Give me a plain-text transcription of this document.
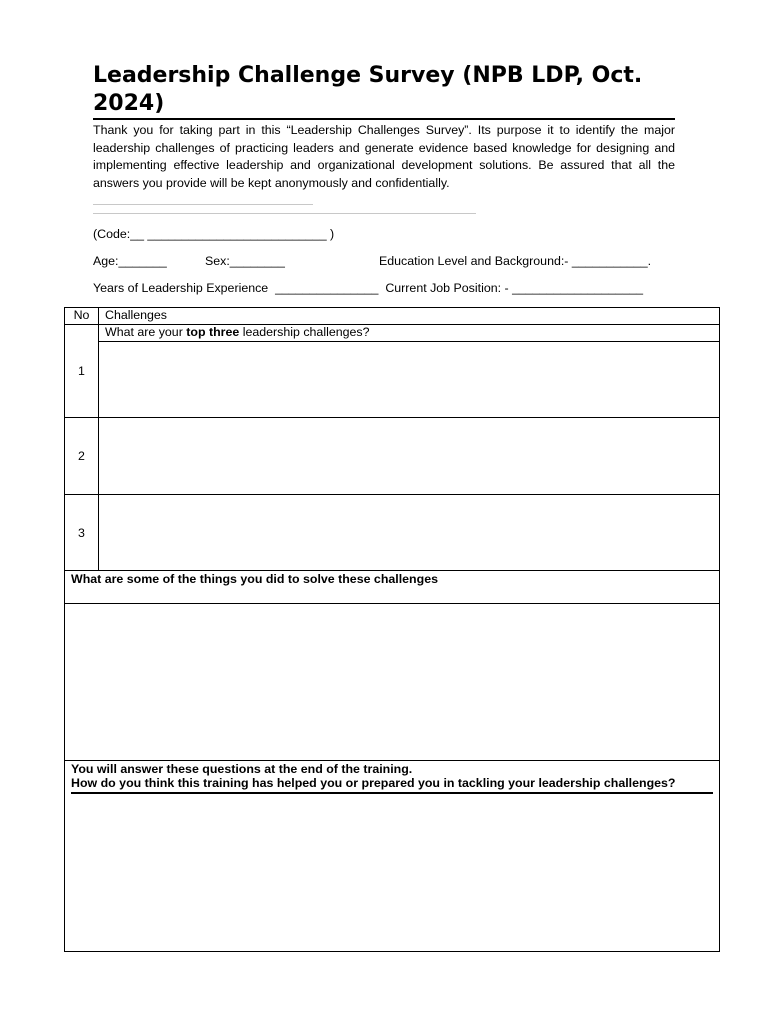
Leadership Challenge Survey (NPB LDP, Oct. 2024)

Thank you for taking part in this “Leadership Challenges Survey”. Its purpose it to identify the major leadership challenges of practicing leaders and generate evidence based knowledge for designing and implementing effective leadership and organizational development solutions. Be assured that all the answers you provide will be kept anonymously and confidentially.

(Code:__ __________________________ )
Age:_______	Sex:________	Education Level and Background:- ___________.
Years of Leadership Experience  _______________  Current Job Position: - ___________________
No	Challenges
1	What are your top three leadership challenges?

2	
3	
What are some of the things you did to solve these challenges	

You will answer these questions at the end of the training.
How do you think this training has helped you or prepared you in tackling your leadership challenges?	
